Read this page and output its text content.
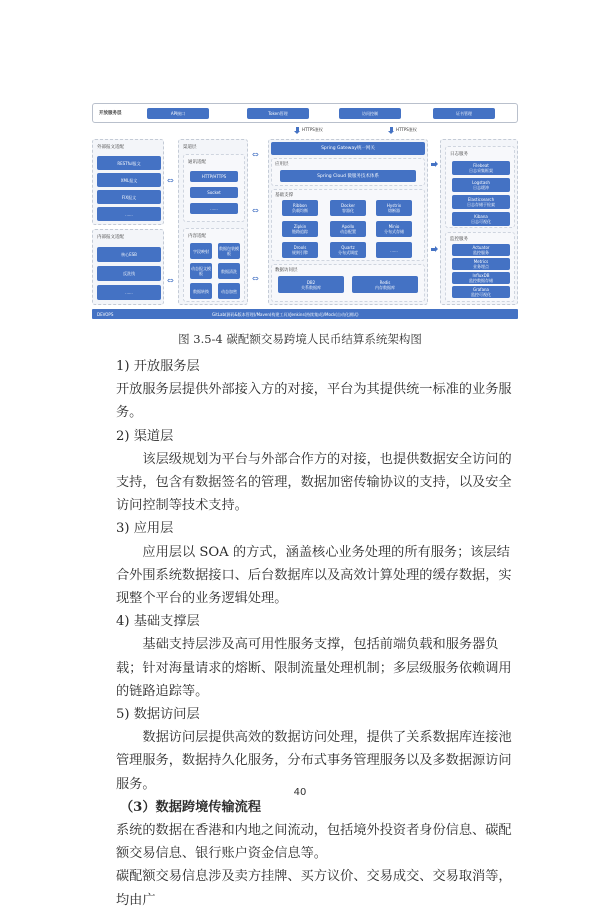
开放服务层	API接口	Token管理	访问控制	证书管理
外部报文适配
RESTful报文
XML报文
FIX报文
......
内部报文适配
核心ESB
反洗钱
......
⇔
⇔
渠道层
通讯适配
HTTP/HTTPS
Socket
......
内容适配
字段映射	数据包装模板
动态报文模板	数据清洗
数据转换	动态加密
⇔
⇔
⇔
HTTPS鉴权	HTTPS鉴权
Spring Gateway统一网关
应用层
Spring Cloud 微服务技术体系
基础支撑
Ribbon
负载均衡
Docker
容器化
Hystrix
熔断器
Zipkin
链路追踪
Apollo
动态配置
Minio
分布式存储
Drools
规则引擎
Quartz
分布式调度	......
数据访问层
DB2
关系数据库
Redis
内存数据库
日志服务
Filebeat
日志采集框架
Logstash
日志缓冲
Elasticsearch
日志存储于检索
Kibana
日志可视化
监控服务
Actuator
监控服务
Metrics
业务埋点
InfluxDB
监控数据存储
Grafana
监控可视化
DEVOPS	GitLab(源码&版本管理)/Maven(构建工具)/Jenkins(持续集成)/Mock(自动化测试)
图 3.5-4 碳配额交易跨境人民币结算系统架构图

1) 开放服务层

开放服务层提供外部接入方的对接，平台为其提供统一标准的业务服务。

2) 渠道层

该层级规划为平台与外部合作方的对接，也提供数据安全访问的支持，包含有数据签名的管理，数据加密传输协议的支持，以及安全访问控制等技术支持。

3) 应用层

应用层以 SOA 的方式，涵盖核心业务处理的所有服务；该层结合外围系统数据接口、后台数据库以及高效计算处理的缓存数据，实现整个平台的业务逻辑处理。

4) 基础支撑层

基础支持层涉及高可用性服务支撑，包括前端负载和服务器负载；针对海量请求的熔断、限制流量处理机制；多层级服务依赖调用的链路追踪等。

5) 数据访问层

数据访问层提供高效的数据访问处理，提供了关系数据库连接池管理服务，数据持久化服务，分布式事务管理服务以及多数据源访问服务。

（3）数据跨境传输流程

系统的数据在香港和内地之间流动，包括境外投资者身份信息、碳配额交易信息、银行账户资金信息等。

碳配额交易信息涉及卖方挂牌、买方议价、交易成交、交易取消等，均由广

40
